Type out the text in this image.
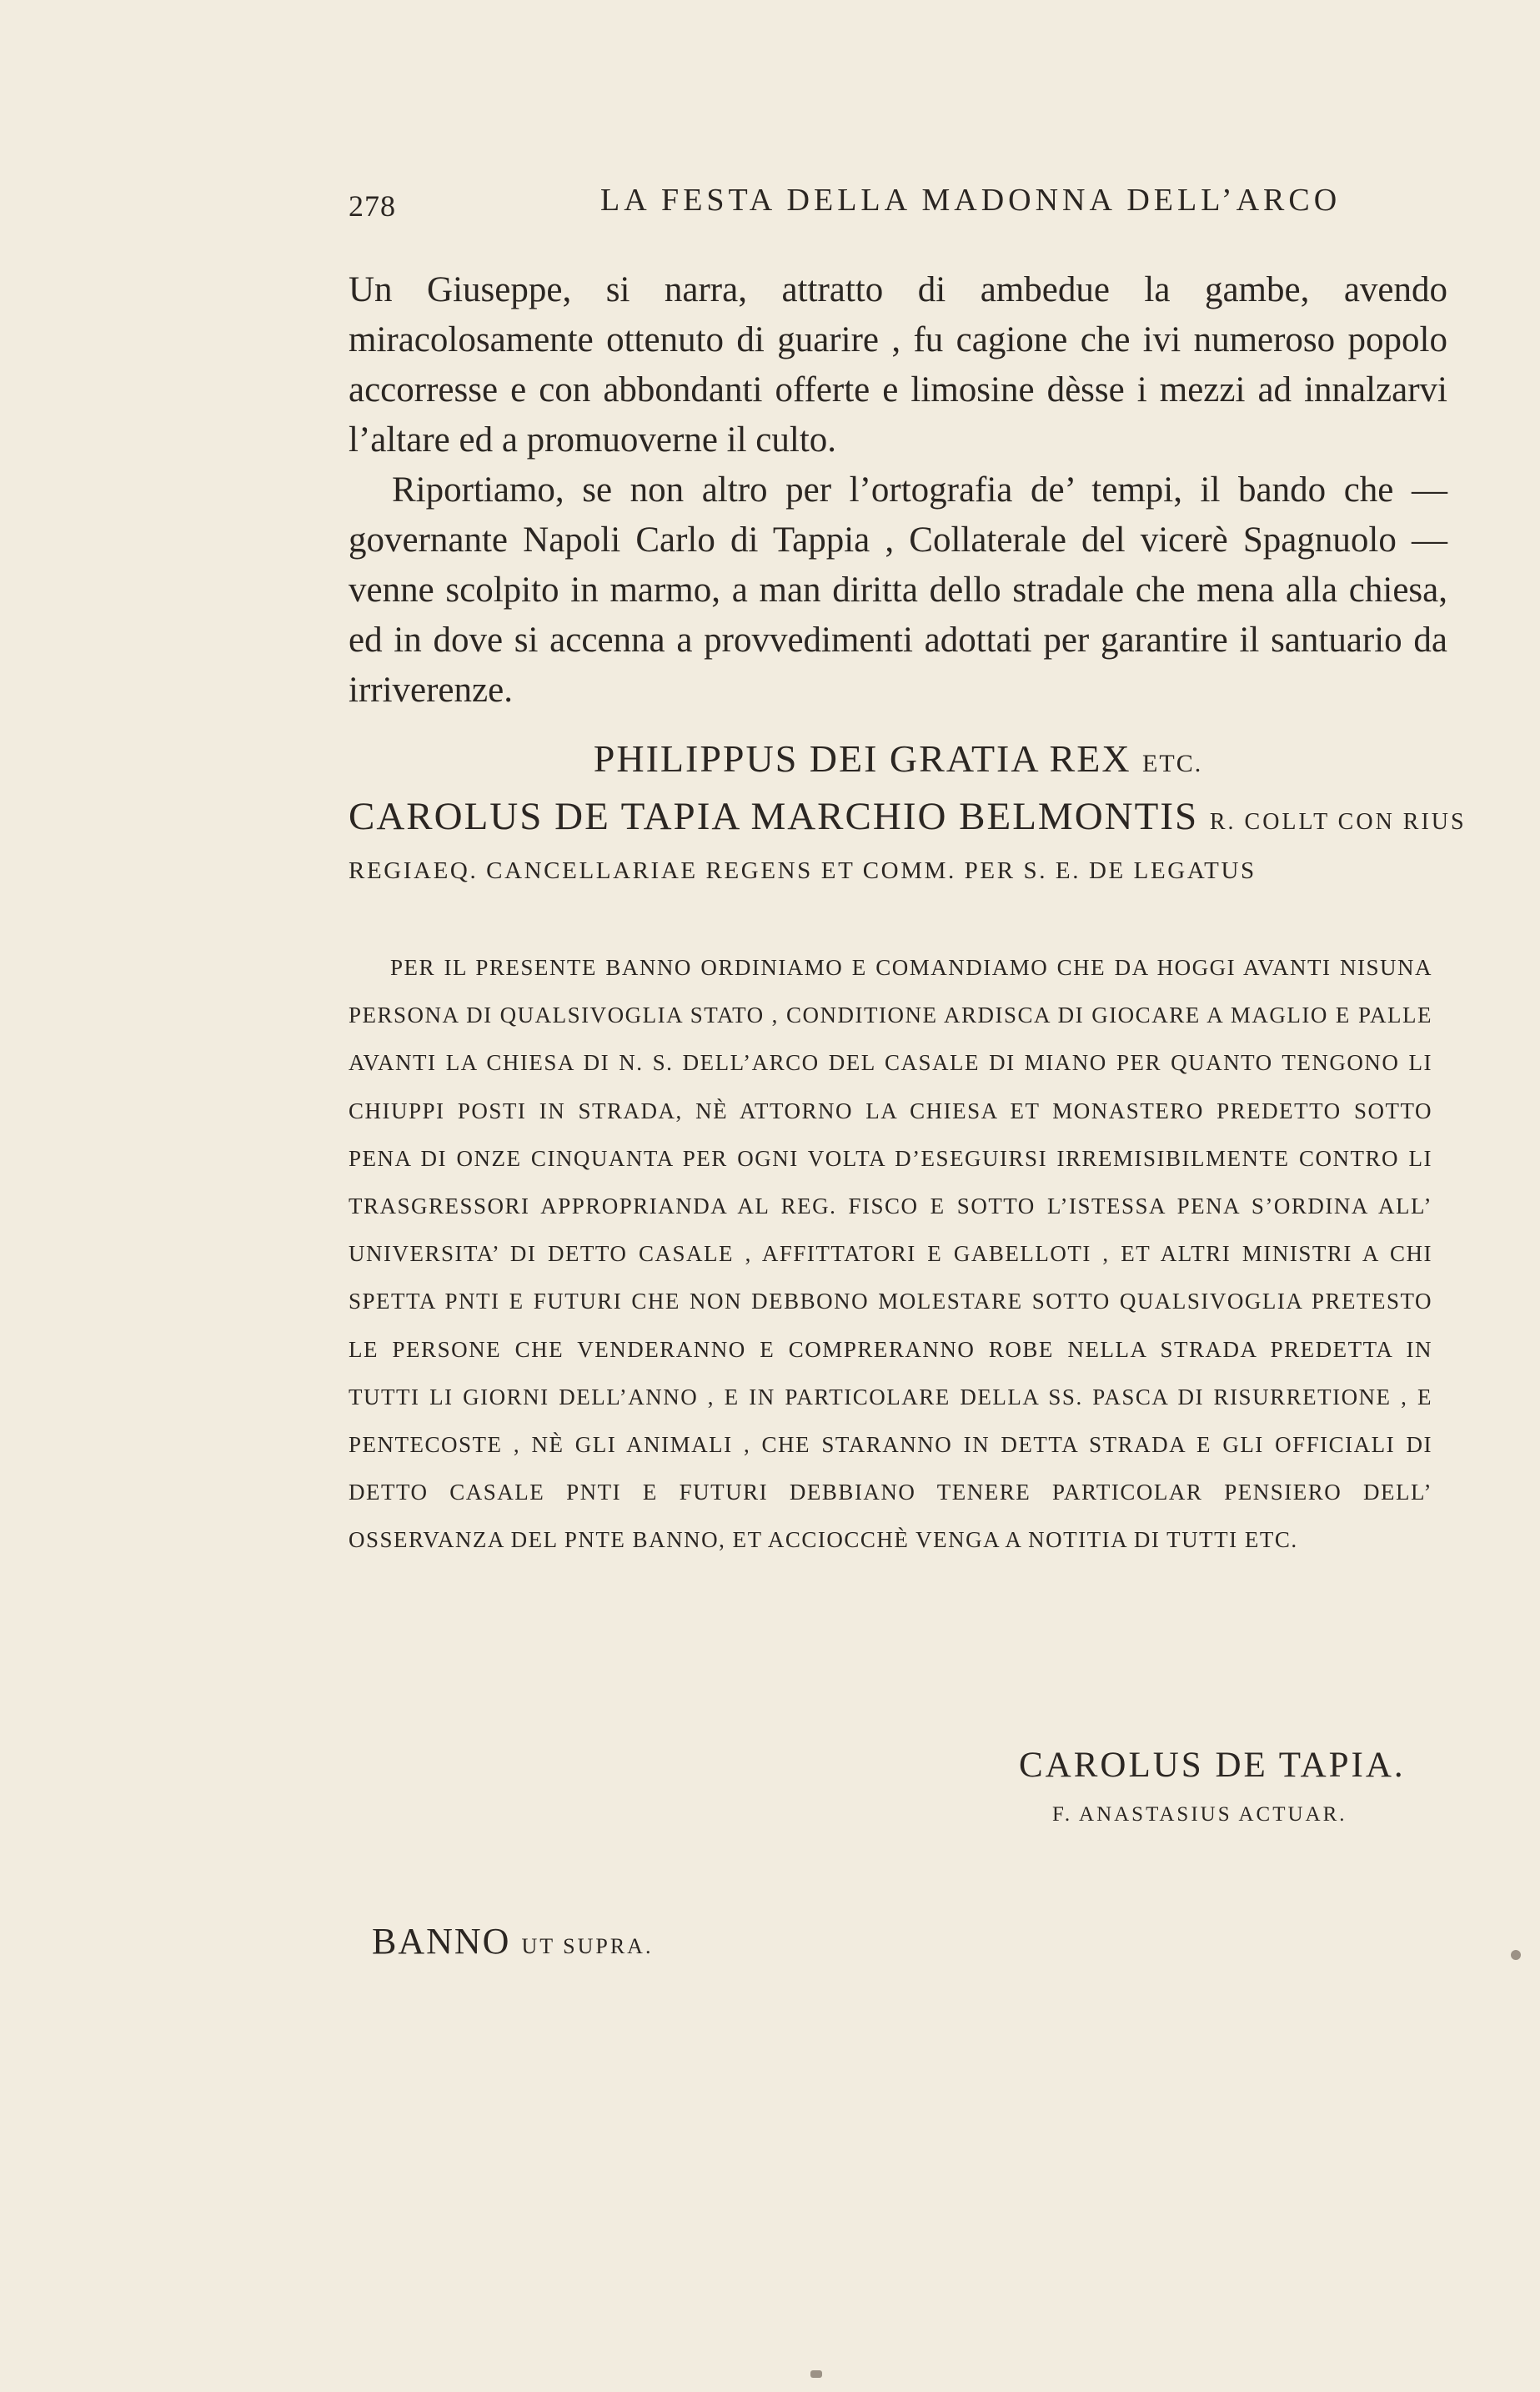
278	LA FESTA DELLA MADONNA DELL’ARCO

Un Giuseppe, si narra, attratto di ambedue la gambe, avendo miracolosamente ottenuto di guarire , fu cagione che ivi numeroso popolo accorresse e con abbondanti offerte e limosine dèsse i mezzi ad innalzarvi l’altare ed a promuoverne il culto.

Riportiamo, se non altro per l’ortografia de’ tempi, il bando che — governante Napoli Carlo di Tappia , Collaterale del vicerè Spagnuolo — venne scolpito in marmo, a man diritta dello stradale che mena alla chiesa, ed in dove si accenna a provvedimenti adottati per garantire il santuario da irriverenze.

PHILIPPUS DEI GRATIA REX ETC.
CAROLUS DE TAPIA MARCHIO BELMONTIS R. COLLT CON RIUS
REGIAEQ. CANCELLARIAE REGENS ET COMM. PER S. E. DE LEGATUS

PER IL PRESENTE BANNO ORDINIAMO E COMANDIAMO CHE DA HOGGI AVANTI NISUNA PERSONA DI QUALSIVOGLIA STATO , CONDITIONE ARDISCA DI GIOCARE A MAGLIO E PALLE AVANTI LA CHIESA DI N. S. DELL’ARCO DEL CASALE DI MIANO PER QUANTO TENGONO LI CHIUPPI POSTI IN STRADA, NÈ ATTORNO LA CHIESA ET MONASTERO PREDETTO SOTTO PENA DI ONZE CINQUANTA PER OGNI VOLTA D’ESEGUIRSI IRREMISIBILMENTE CONTRO LI TRASGRESSORI APPROPRIANDA AL REG. FISCO E SOTTO L’ISTESSA PENA S’ORDINA ALL’ UNIVERSITA’ DI DETTO CASALE , AFFITTATORI E GABELLOTI , ET ALTRI MINISTRI A CHI SPETTA PNTI E FUTURI CHE NON DEBBONO MOLESTARE SOTTO QUALSIVOGLIA PRETESTO LE PERSONE CHE VENDERANNO E COMPRERANNO ROBE NELLA STRADA PREDETTA IN TUTTI LI GIORNI DELL’ANNO , E IN PARTICOLARE DELLA SS. PASCA DI RISURRETIONE , E PENTECOSTE , NÈ GLI ANIMALI , CHE STARANNO IN DETTA STRADA E GLI OFFICIALI DI DETTO CASALE PNTI E FUTURI DEBBIANO TENERE PARTICOLAR PENSIERO DELL’ OSSERVANZA DEL PNTE BANNO, ET ACCIOCCHÈ VENGA A NOTITIA DI TUTTI ETC.

CAROLUS DE TAPIA.
F. ANASTASIUS ACTUAR.
BANNO UT SUPRA.
